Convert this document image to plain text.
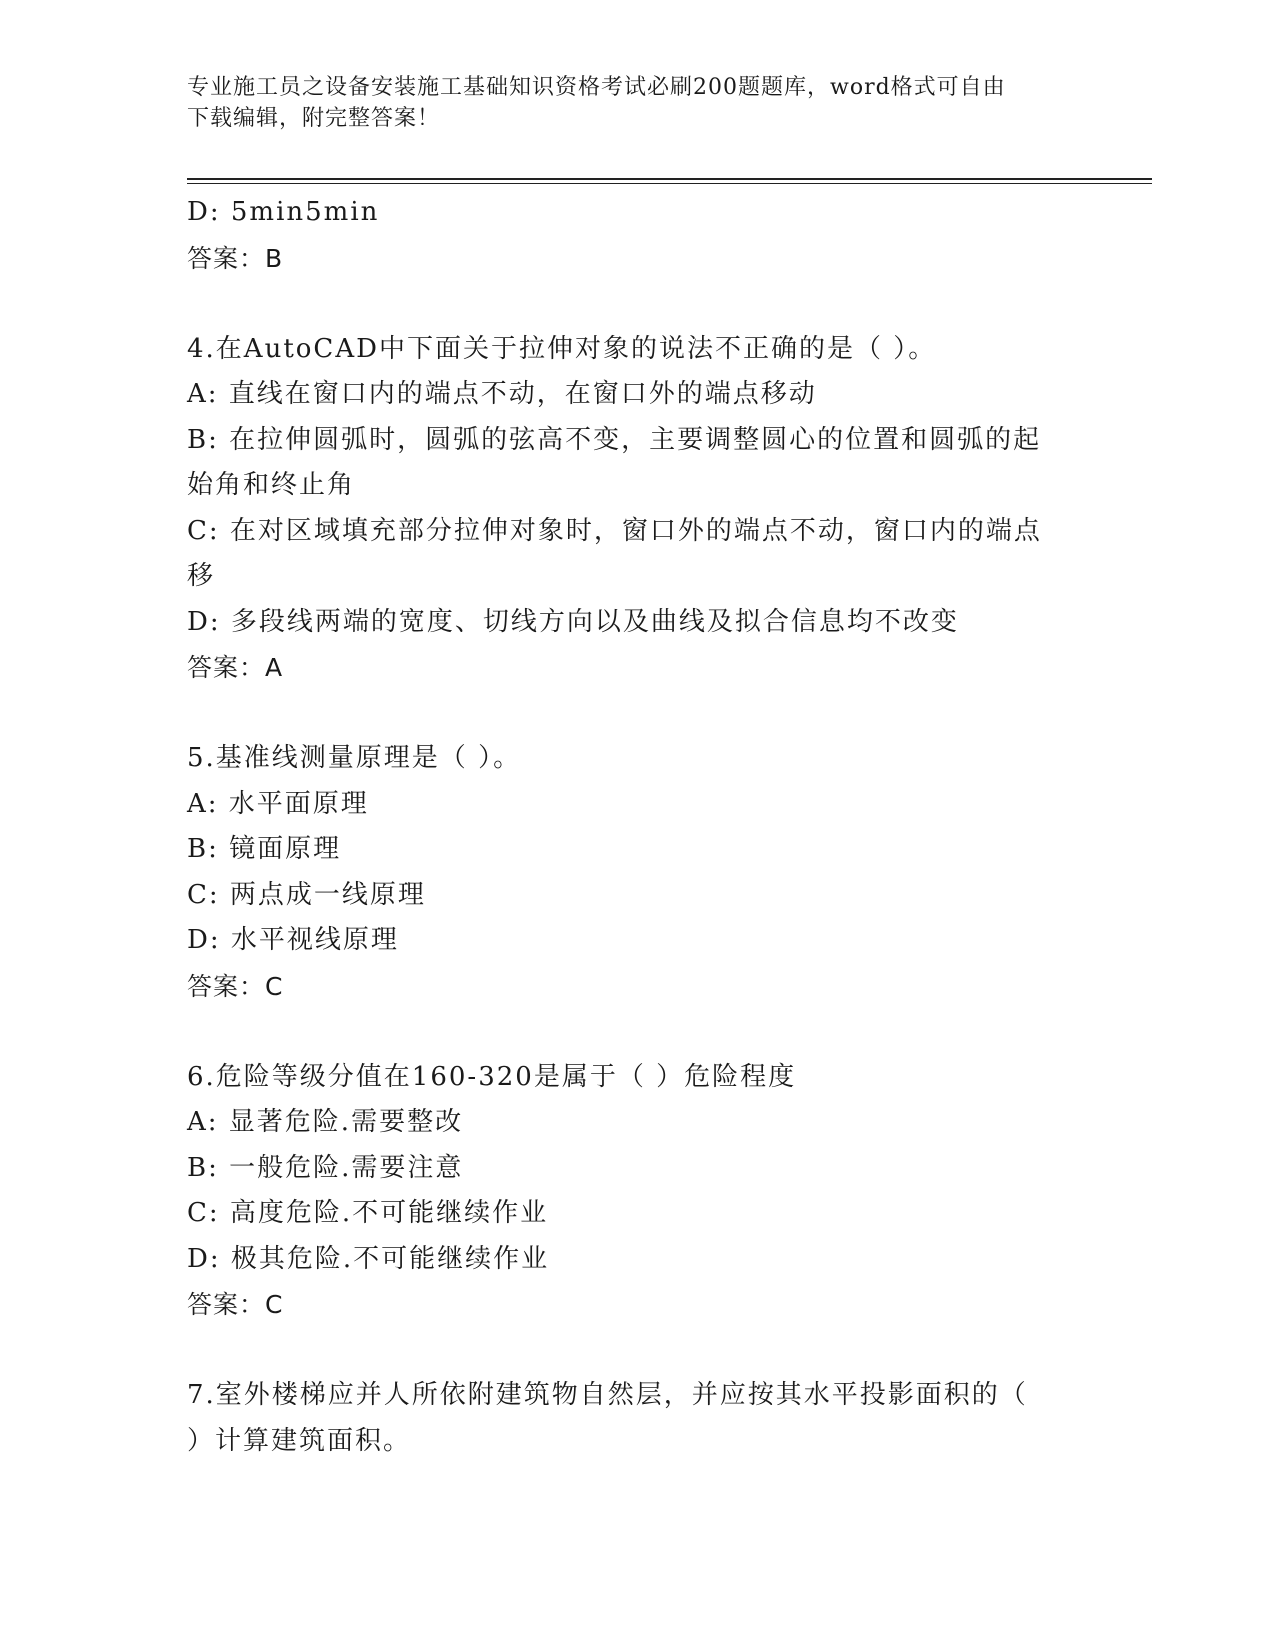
专业施工员之设备安装施工基础知识资格考试必刷200题题库，word格式可自由
下载编辑，附完整答案！
D: 5min5min
答案：B
4.在AutoCAD中下面关于拉伸对象的说法不正确的是（ ）。
A: 直线在窗口内的端点不动，在窗口外的端点移动
B: 在拉伸圆弧时，圆弧的弦高不变，主要调整圆心的位置和圆弧的起
始角和终止角
C: 在对区域填充部分拉伸对象时，窗口外的端点不动，窗口内的端点
移
D: 多段线两端的宽度、切线方向以及曲线及拟合信息均不改变
答案：A
5.基准线测量原理是（ ）。
A: 水平面原理
B: 镜面原理
C: 两点成一线原理
D: 水平视线原理
答案：C
6.危险等级分值在160-320是属于（ ）危险程度
A: 显著危险.需要整改
B: 一般危险.需要注意
C: 高度危险.不可能继续作业
D: 极其危险.不可能继续作业
答案：C
7.室外楼梯应并人所依附建筑物自然层，并应按其水平投影面积的（
）计算建筑面积。
